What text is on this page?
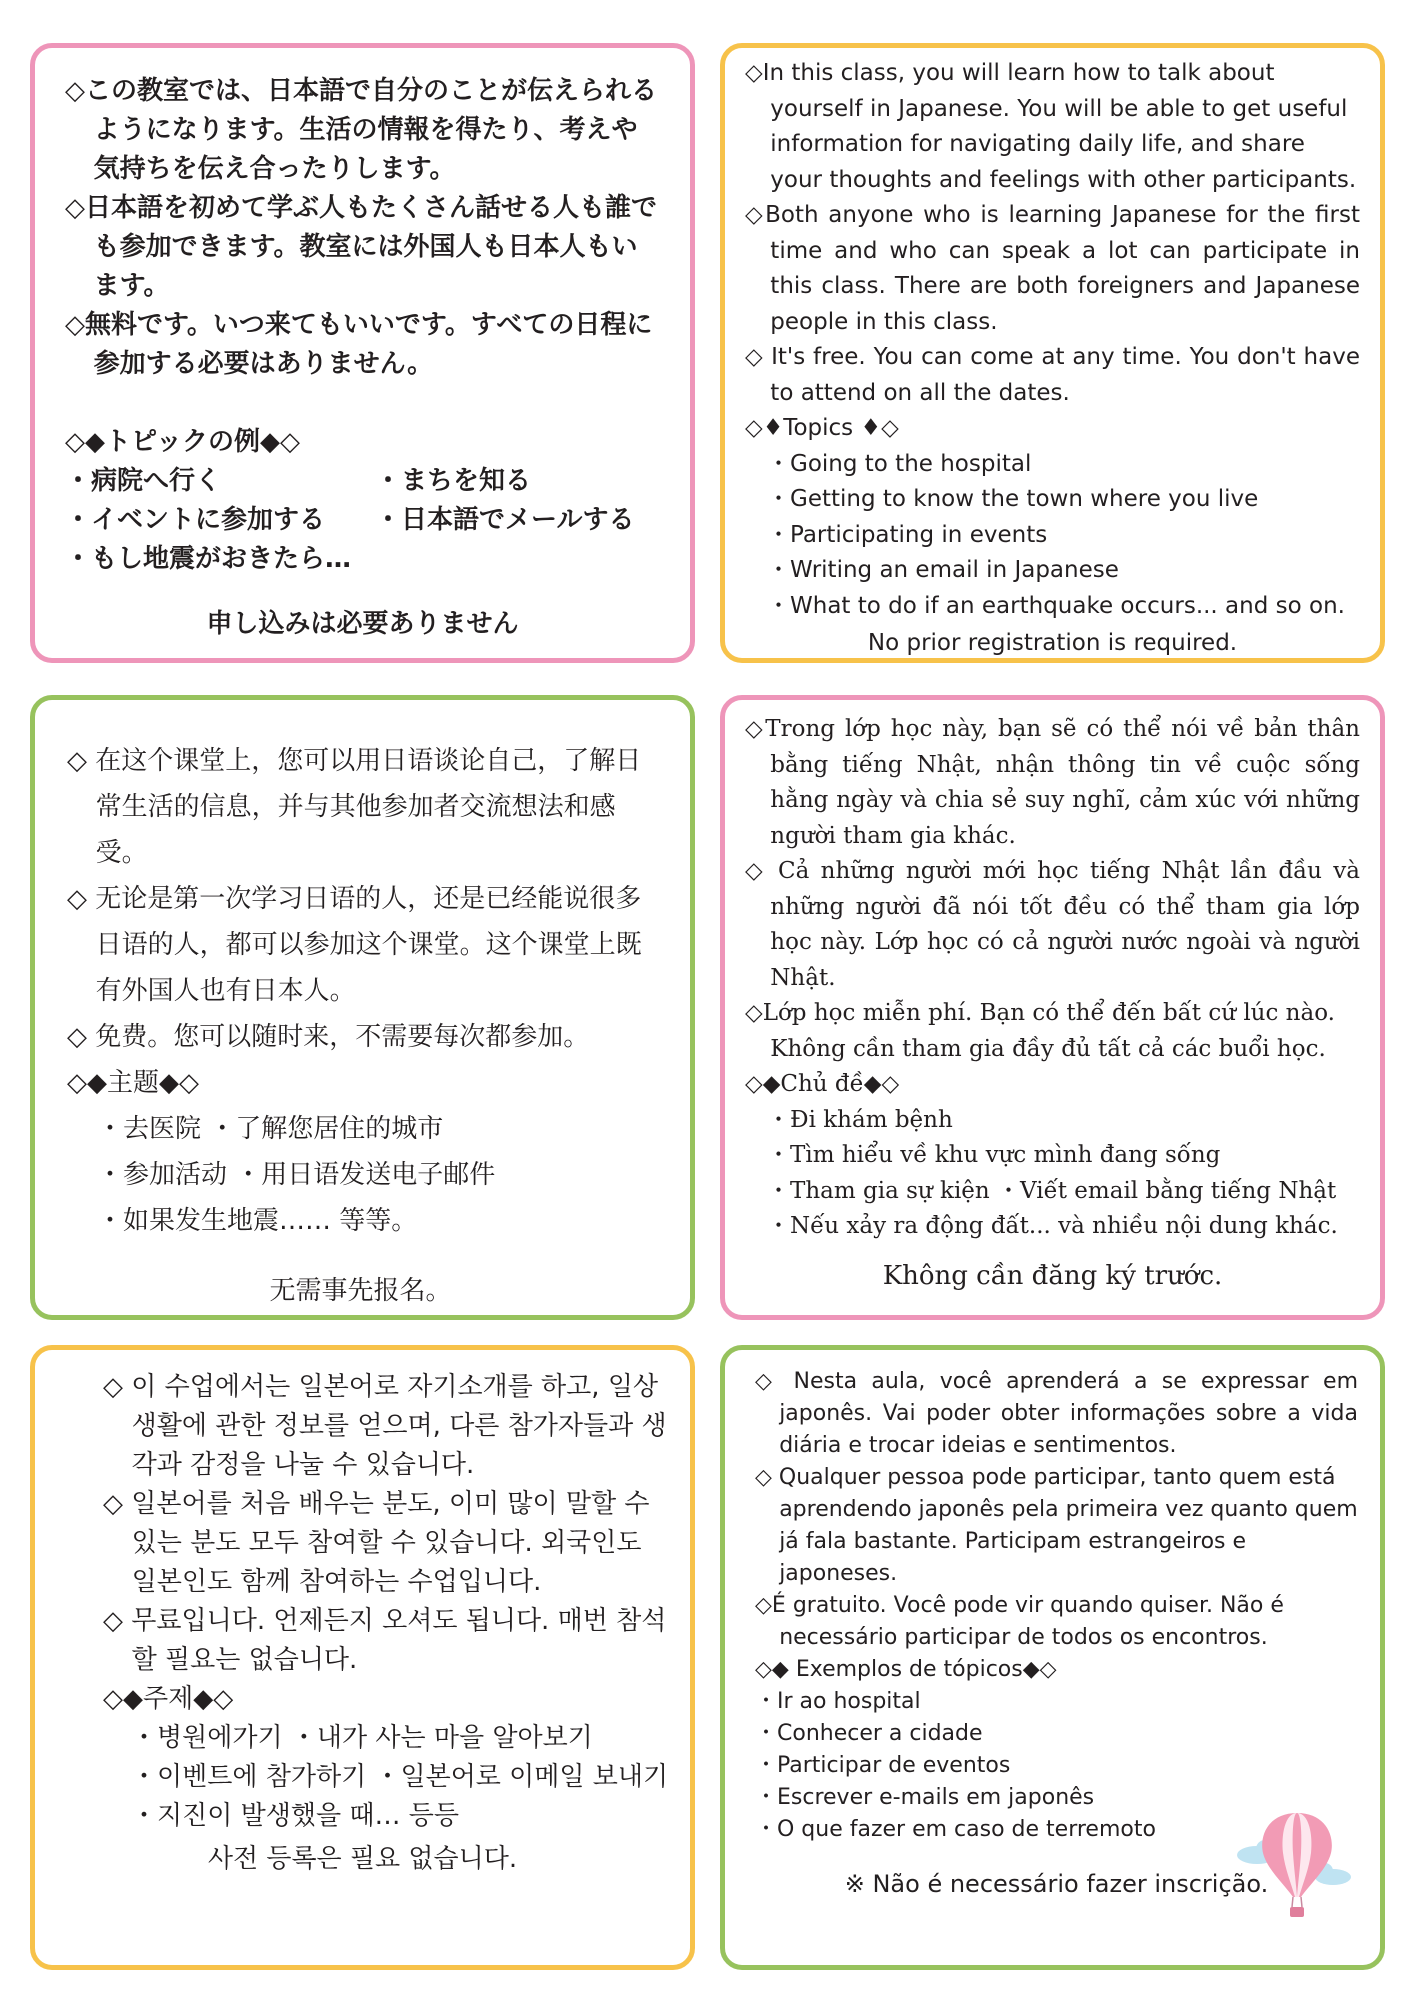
◇この教室では、日本語で自分のことが伝えられるようになります。生活の情報を得たり、考えや気持ちを伝え合ったりします。

◇日本語を初めて学ぶ人もたくさん話せる人も誰でも参加できます。教室には外国人も日本人もいます。

◇無料です。いつ来てもいいです。すべての日程に参加する必要はありません。

◇◆トピックの例◆◇

・病院へ行く	・まちを知る
・イベントに参加する	・日本語でメールする
・もし地震がおきたら…

申し込みは必要ありません

◇In this class, you will learn how to talk about yourself in Japanese. You will be able to get useful information for navigating daily life, and share your thoughts and feelings with other participants.

◇Both anyone who is learning Japanese for the first time and who can speak a lot can participate in this class. There are both foreigners and Japanese people in this class.

◇ It's free. You can come at any time. You don't have to attend on all the dates.

◇♦Topics ♦◇

・Going to the hospital
・Getting to know the town where you live
・Participating in events
・Writing an email in Japanese
・What to do if an earthquake occurs... and so on.

No prior registration is required.

◇ 在这个课堂上，您可以用日语谈论自己，了解日常生活的信息，并与其他参加者交流想法和感受。

◇ 无论是第一次学习日语的人，还是已经能说很多日语的人，都可以参加这个课堂。这个课堂上既有外国人也有日本人。

◇ 免费。您可以随时来，不需要每次都参加。

◇◆主题◆◇

・去医院 ・了解您居住的城市
・参加活动 ・用日语发送电子邮件
・如果发生地震…… 等等。

无需事先报名。

◇Trong lớp học này, bạn sẽ có thể nói về bản thân bằng tiếng Nhật, nhận thông tin về cuộc sống hằng ngày và chia sẻ suy nghĩ, cảm xúc với những người tham gia khác.

◇ Cả những người mới học tiếng Nhật lần đầu và những người đã nói tốt đều có thể tham gia lớp học này. Lớp học có cả người nước ngoài và người Nhật.

◇Lớp học miễn phí. Bạn có thể đến bất cứ lúc nào. Không cần tham gia đầy đủ tất cả các buổi học.

◇◆Chủ đề◆◇

・Đi khám bệnh
・Tìm hiểu về khu vực mình đang sống
・Tham gia sự kiện ・Viết email bằng tiếng Nhật
・Nếu xảy ra động đất... và nhiều nội dung khác.

Không cần đăng ký trước.

◇ 이 수업에서는 일본어로 자기소개를 하고, 일상생활에 관한 정보를 얻으며, 다른 참가자들과 생각과 감정을 나눌 수 있습니다.

◇ 일본어를 처음 배우는 분도, 이미 많이 말할 수 있는 분도 모두 참여할 수 있습니다. 외국인도 일본인도 함께 참여하는 수업입니다.

◇ 무료입니다. 언제든지 오셔도 됩니다. 매번 참석할 필요는 없습니다.

◇◆주제◆◇

・병원에가기 ・내가 사는 마을 알아보기
・이벤트에 참가하기 ・일본어로 이메일 보내기
・지진이 발생했을 때… 등등

사전 등록은 필요 없습니다.

◇ Nesta aula, você aprenderá a se expressar em japonês. Vai poder obter informações sobre a vida diária e trocar ideias e sentimentos.

◇ Qualquer pessoa pode participar, tanto quem está aprendendo japonês pela primeira vez quanto quem já fala bastante. Participam estrangeiros e japoneses.

◇É gratuito. Você pode vir quando quiser. Não é necessário participar de todos os encontros.

◇◆ Exemplos de tópicos◆◇

・Ir ao hospital
・Conhecer a cidade
・Participar de eventos
・Escrever e-mails em japonês
・O que fazer em caso de terremoto

※ Não é necessário fazer inscrição.
